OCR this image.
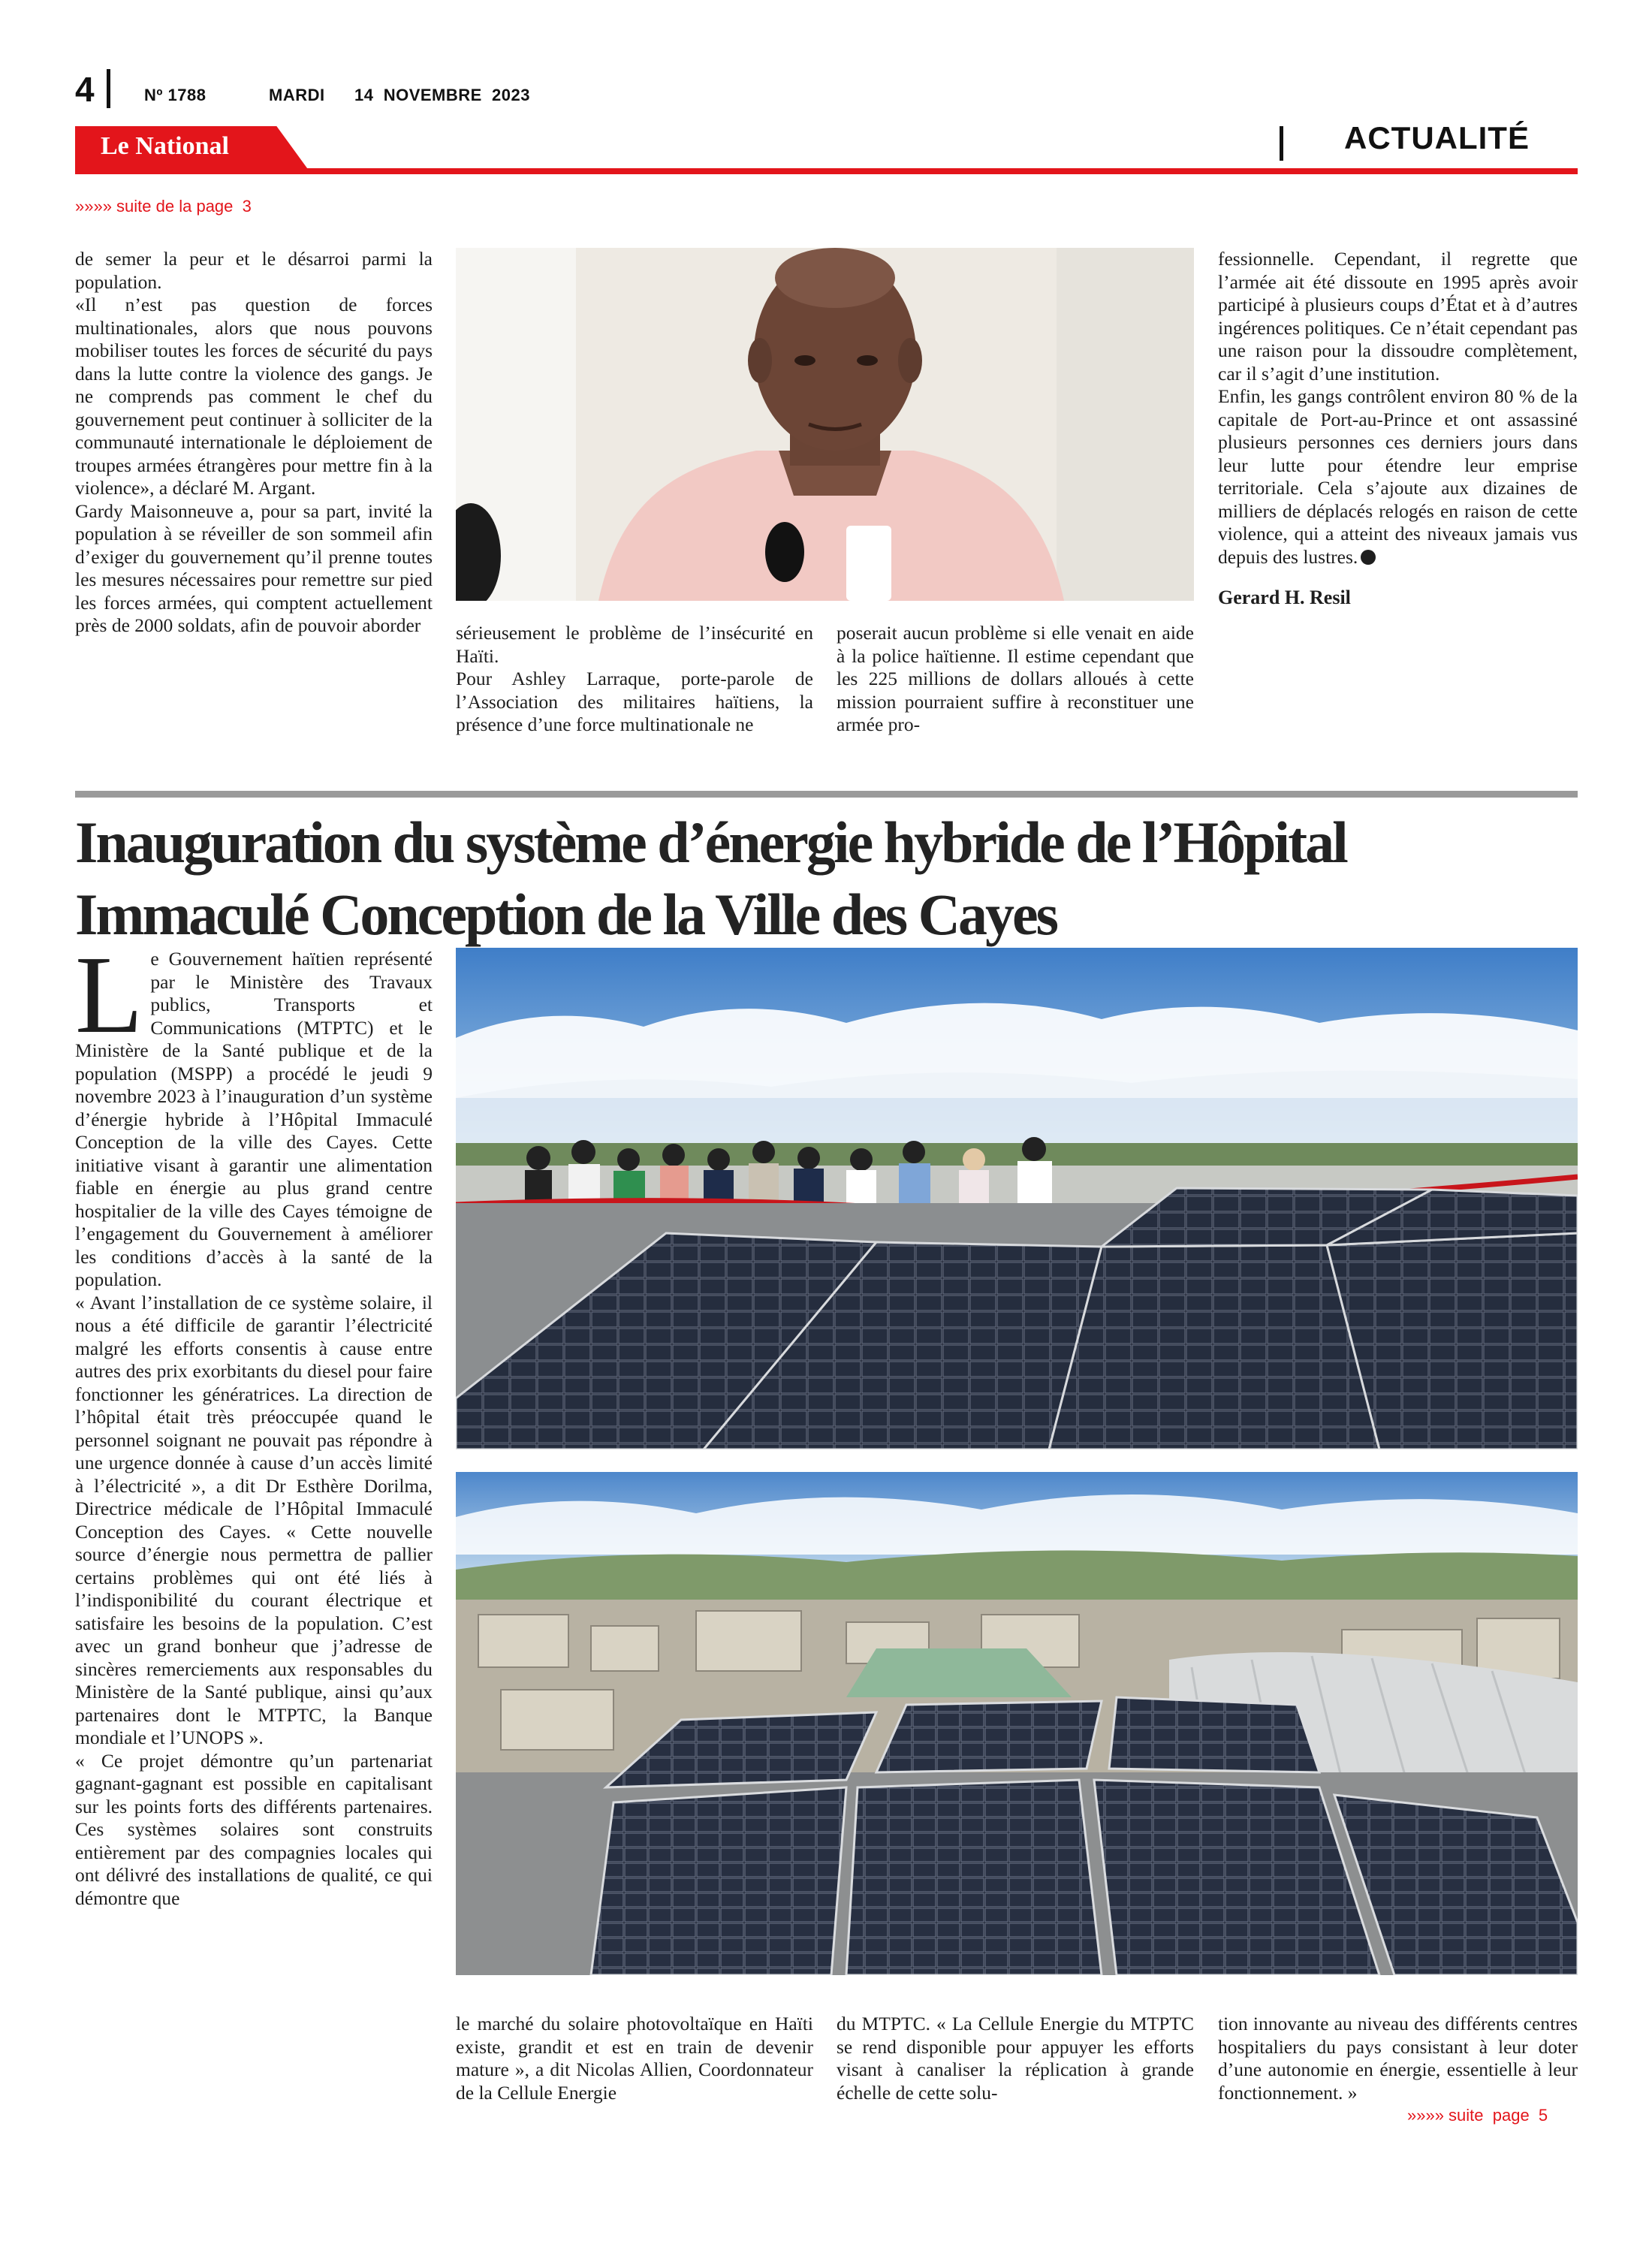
4	Nº 1788	MARDI 14  NOVEMBRE  2023
Le National	ACTUALITÉ
»»»» suite de la page  3

de semer la peur et le désarroi parmi la population.

«Il n’est pas question de forces multinationales, alors que nous pouvons mobiliser toutes les forces de sécurité du pays dans la lutte contre la violence des gangs. Je ne comprends pas comment le chef du gouvernement peut continuer à solliciter de la communauté internationale le déploiement de troupes armées étrangères pour mettre fin à la violence», a déclaré M. Argant.

Gardy Maisonneuve a, pour sa part, invité la population à se réveiller de son sommeil afin d’exiger du gouvernement qu’il prenne toutes les mesures nécessaires pour remettre sur pied les forces armées, qui comptent actuellement près de 2000 soldats, afin de pouvoir aborder	sérieusement le problème de l’insécurité en Haïti.

Pour Ashley Larraque, porte-parole de l’Association des militaires haïtiens, la présence d’une force multinationale ne

poserait aucun problème si elle venait en aide à la police haïtienne. Il estime cependant que les 225 millions de dollars alloués à cette mission pourraient suffire à reconstituer une armée pro-

fessionnelle. Cependant, il regrette que l’armée ait été dissoute en 1995 après avoir participé à plusieurs coups d’État et à d’autres ingérences politiques. Ce n’était cependant pas une raison pour la dissoudre complètement, car il s’agit d’une institution.

Enfin, les gangs contrôlent environ 80 % de la capitale de Port-au-Prince et ont assassiné plusieurs personnes ces derniers jours dans leur lutte pour étendre leur emprise territoriale. Cela s’ajoute aux dizaines de milliers de déplacés relogés en raison de cette violence, qui a atteint des niveaux jamais vus depuis des lustres.

Gerard H. Resil

Inauguration du système d’énergie hybride de l’Hôpital Immaculé Conception de la Ville des Cayes

Le Gouvernement haïtien représenté par le Ministère des Travaux publics, Transports et Communications (MTPTC) et le Ministère de la Santé publique et de la population (MSPP) a procédé le jeudi 9 novembre 2023 à l’inauguration d’un système d’énergie hybride à l’Hôpital Immaculé Conception de la ville des Cayes. Cette initiative visant à garantir une alimentation fiable en énergie au plus grand centre hospitalier de la ville des Cayes témoigne de l’engagement du Gouvernement à améliorer les conditions d’accès à la santé de la population.

« Avant l’installation de ce système solaire, il nous a été difficile de garantir l’électricité malgré les efforts consentis à cause entre autres des prix exorbitants du diesel pour faire fonctionner les génératrices. La direction de l’hôpital était très préoccupée quand le personnel soignant ne pouvait pas répondre à une urgence donnée à cause d’un accès limité à l’électricité », a dit Dr Esthère Dorilma, Directrice médicale de l’Hôpital Immaculé Conception des Cayes. « Cette nouvelle source d’énergie nous permettra de pallier certains problèmes qui ont été liés à l’indisponibilité du courant électrique et satisfaire les besoins de la population. C’est avec un grand bonheur que j’adresse de sincères remerciements aux responsables du Ministère de la Santé publique, ainsi qu’aux partenaires dont le MTPTC, la Banque mondiale et l’UNOPS ».

« Ce projet démontre qu’un partenariat gagnant-gagnant est possible en capitalisant sur les points forts des différents partenaires. Ces systèmes solaires sont construits entièrement par des compagnies locales qui ont délivré des installations de qualité, ce qui démontre que

le marché du solaire photovoltaïque en Haïti existe, grandit et est en train de devenir mature », a dit Nicolas Allien, Coordonnateur de la Cellule Energie

du MTPTC. « La Cellule Energie du MTPTC se rend disponible pour appuyer les efforts visant à canaliser la réplication à grande échelle de cette solu-

tion innovante au niveau des différents centres hospitaliers du pays consistant à leur doter d’une autonomie en énergie, essentielle à leur fonctionnement. »

»»»» suite  page  5
